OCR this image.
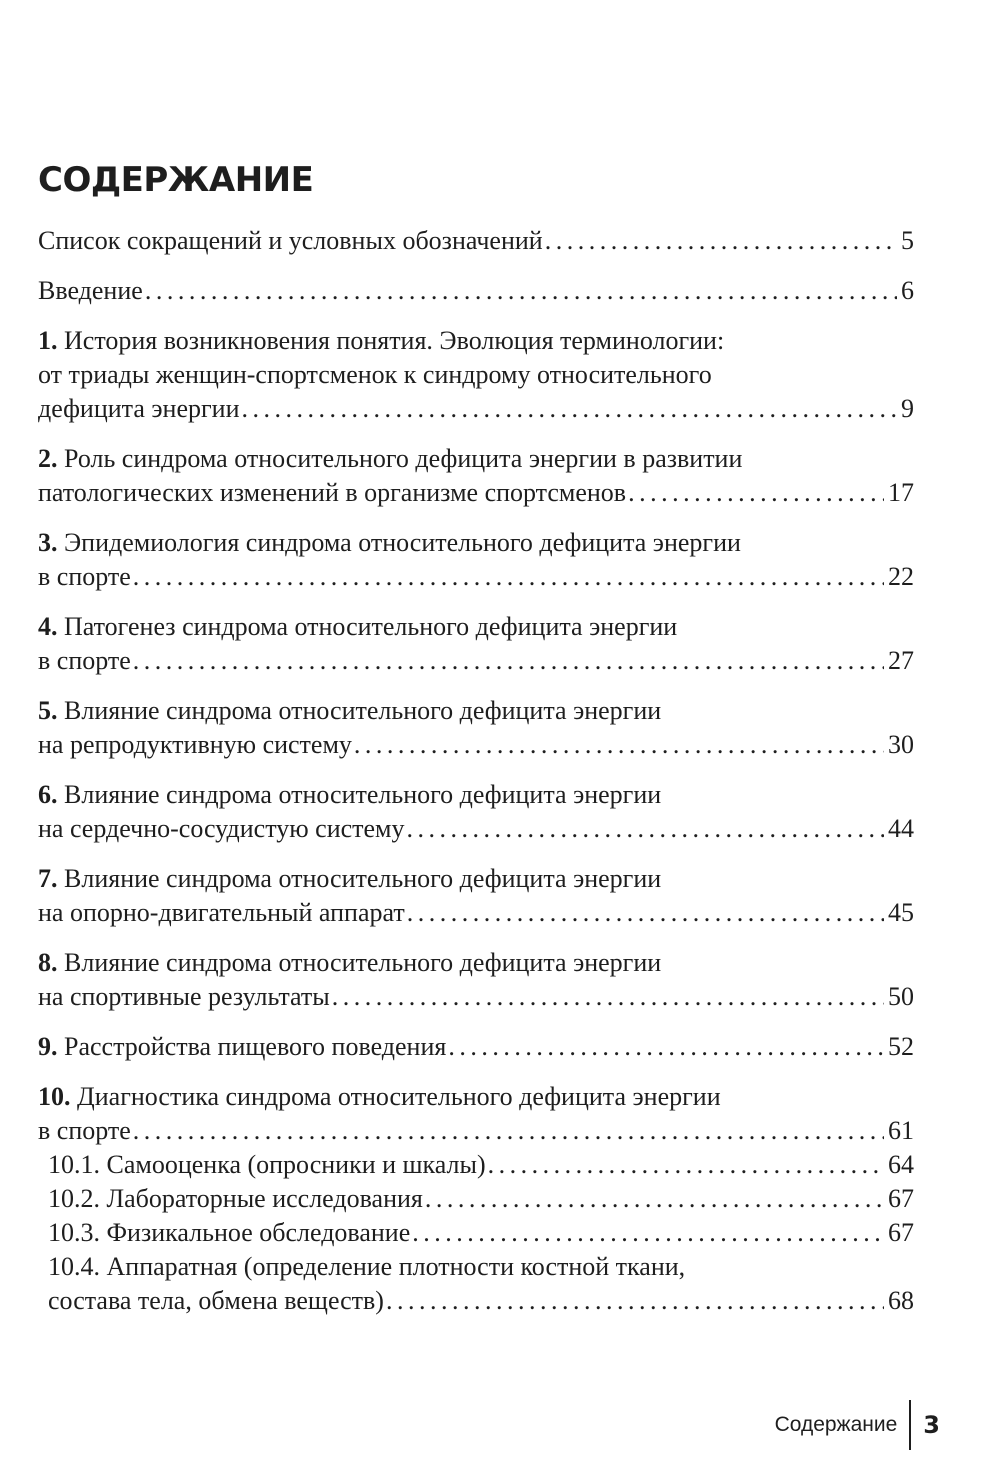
СОДЕРЖАНИЕ
Список сокращений и условных обозначений . . .	5
Введение . . .	6
1. История возникновения понятия. Эволюция терминологии:
от триады женщин-спортсменок к синдрому относительного
дефицита энергии . . .	9
2. Роль синдрома относительного дефицита энергии в развитии
патологических изменений в организме спортсменов . . .	17
3. Эпидемиология синдрома относительного дефицита энергии
в спорте . . .	22
4. Патогенез синдрома относительного дефицита энергии
в спорте . . .	27
5. Влияние синдрома относительного дефицита энергии
на репродуктивную систему . . .	30
6. Влияние синдрома относительного дефицита энергии
на сердечно-сосудистую систему . . .	44
7. Влияние синдрома относительного дефицита энергии
на опорно-двигательный аппарат . . .	45
8. Влияние синдрома относительного дефицита энергии
на спортивные результаты . . .	50
9. Расстройства пищевого поведения . . .	52
10. Диагностика синдрома относительного дефицита энергии
в спорте . . .	61
10.1. Самооценка (опросники и шкалы) . . .	64
10.2. Лабораторные исследования . . .	67
10.3. Физикальное обследование . . .	67
10.4. Аппаратная (определение плотности костной ткани,
состава тела, обмена веществ) . . .	68
Содержание	3
